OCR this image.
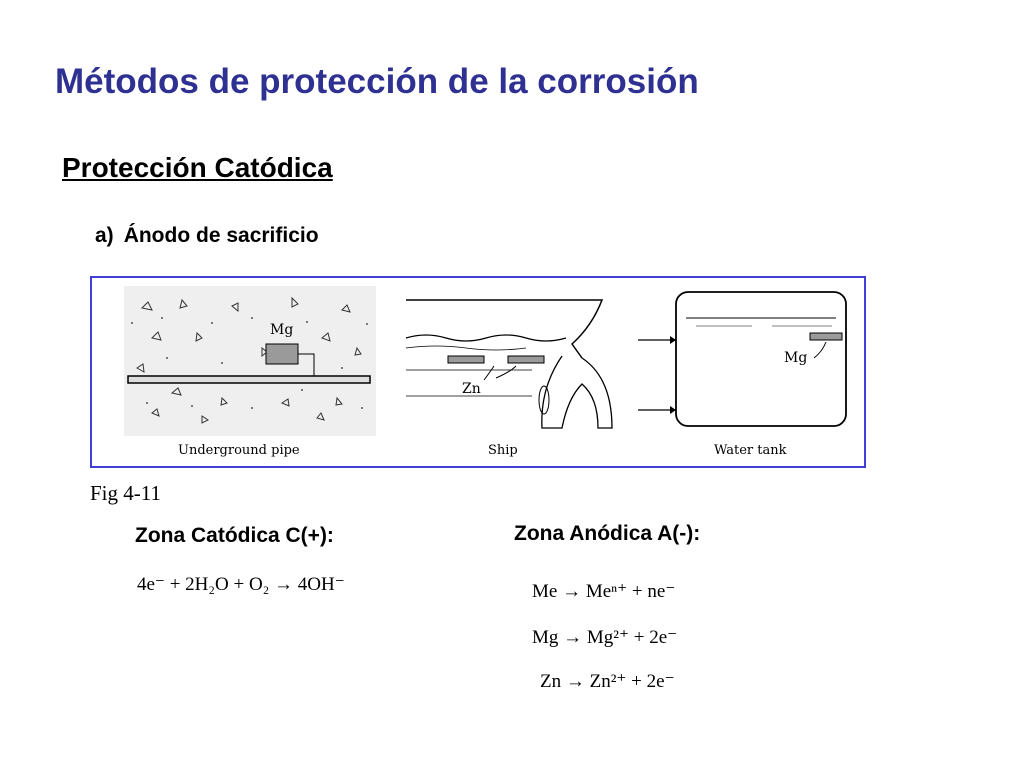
Métodos de protección de la corrosión
Protección Catódica
a) Ánodo de sacrificio
Mg
Underground pipe
Zn
Ship
Mg
Water tank
Fig 4-11
Zona Catódica C(+):	Zona Anódica A(-):
4e⁻ + 2H₂O + O₂ → 4OH⁻	Me → Meⁿ⁺ + ne⁻
Mg → Mg²⁺ + 2e⁻
Zn → Zn²⁺ + 2e⁻
